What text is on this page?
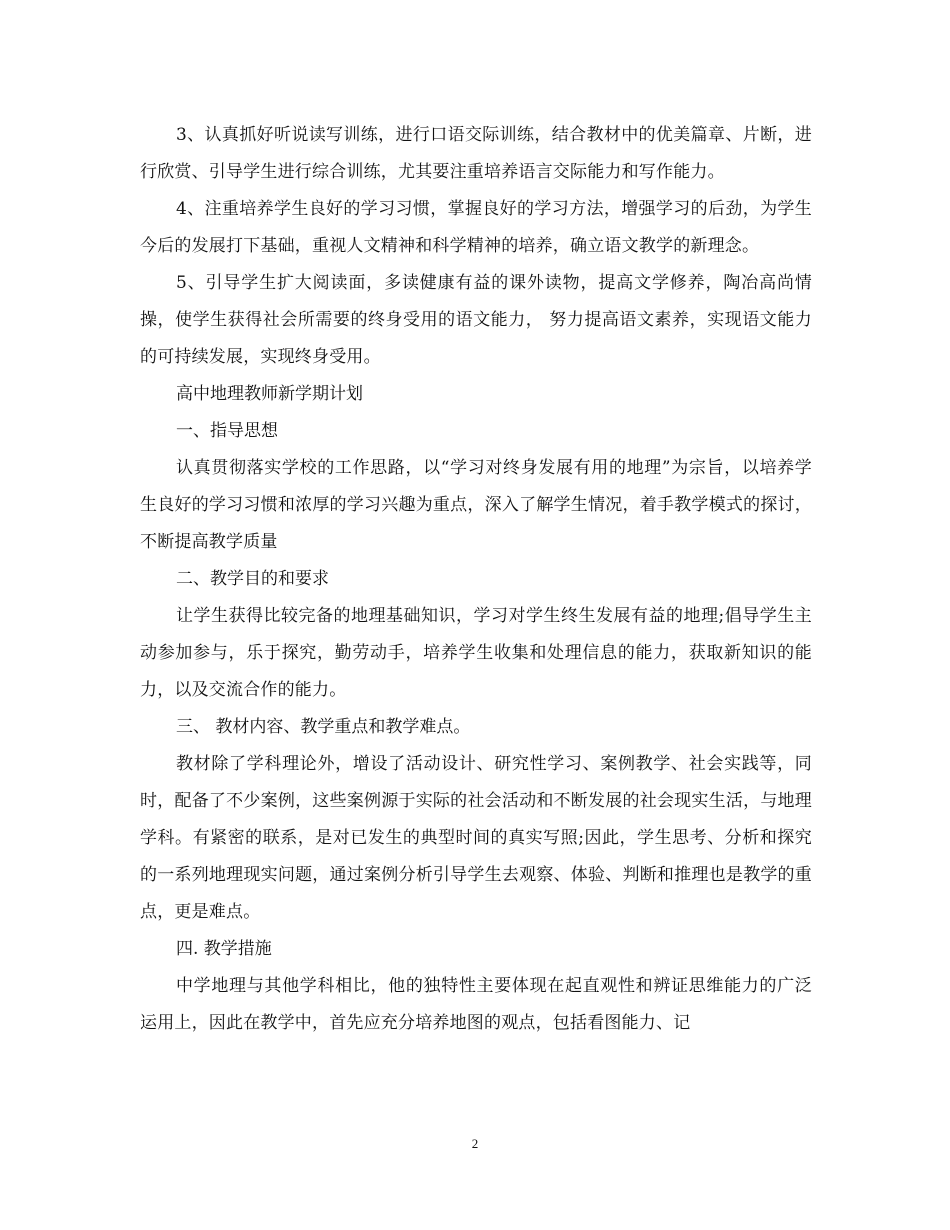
3、认真抓好听说读写训练，进行口语交际训练，结合教材中的优美篇章、片断，进行欣赏、引导学生进行综合训练，尤其要注重培养语言交际能力和写作能力。

4、注重培养学生良好的学习习惯，掌握良好的学习方法，增强学习的后劲，为学生今后的发展打下基础，重视人文精神和科学精神的培养，确立语文教学的新理念。

5、引导学生扩大阅读面，多读健康有益的课外读物，提高文学修养，陶冶高尚情操，使学生获得社会所需要的终身受用的语文能力， 努力提高语文素养，实现语文能力的可持续发展，实现终身受用。

高中地理教师新学期计划

一、指导思想

认真贯彻落实学校的工作思路，以“学习对终身发展有用的地理”为宗旨，以培养学生良好的学习习惯和浓厚的学习兴趣为重点，深入了解学生情况，着手教学模式的探讨，不断提高教学质量

二、教学目的和要求

让学生获得比较完备的地理基础知识，学习对学生终生发展有益的地理;倡导学生主动参加参与，乐于探究，勤劳动手，培养学生收集和处理信息的能力，获取新知识的能力，以及交流合作的能力。

三、 教材内容、教学重点和教学难点。

教材除了学科理论外，增设了活动设计、研究性学习、案例教学、社会实践等，同时，配备了不少案例，这些案例源于实际的社会活动和不断发展的社会现实生活，与地理学科。有紧密的联系，是对已发生的典型时间的真实写照;因此，学生思考、分析和探究的一系列地理现实问题，通过案例分析引导学生去观察、体验、判断和推理也是教学的重点，更是难点。

四. 教学措施

中学地理与其他学科相比，他的独特性主要体现在起直观性和辨证思维能力的广泛运用上，因此在教学中，首先应充分培养地图的观点，包括看图能力、记

2
